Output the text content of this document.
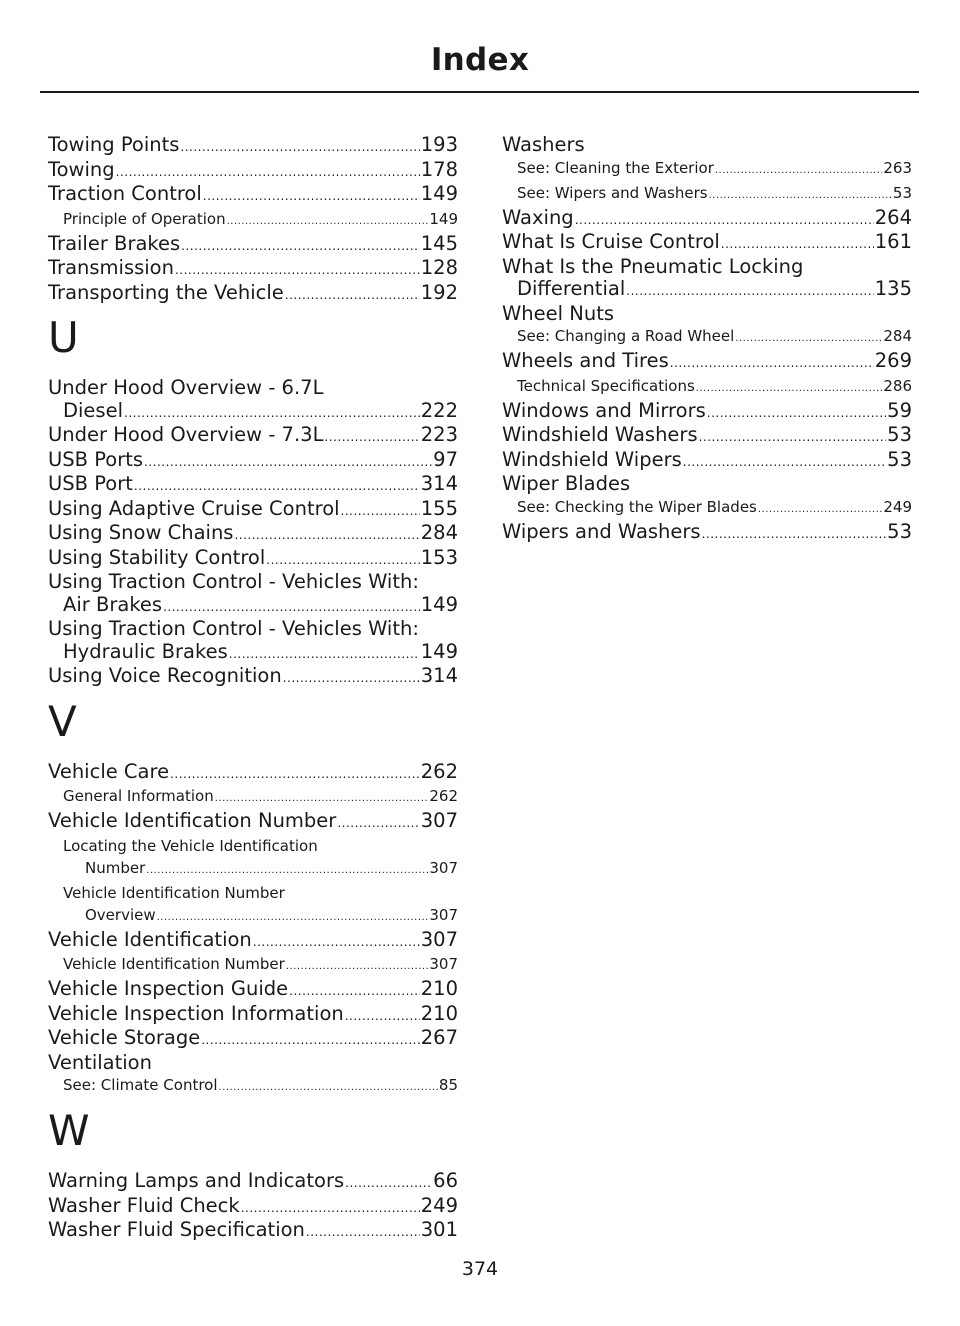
Index
Towing Points .....	193
Towing .....	178
Traction Control .....	149
Principle of Operation .....	149
Trailer Brakes .....	145
Transmission .....	128
Transporting the Vehicle .....	192
U
Under Hood Overview - 6.7L
Diesel .....	222
Under Hood Overview - 7.3L .....	223
USB Ports .....	97
USB Port .....	314
Using Adaptive Cruise Control .....	155
Using Snow Chains .....	284
Using Stability Control .....	153
Using Traction Control - Vehicles With:
Air Brakes .....	149
Using Traction Control - Vehicles With:
Hydraulic Brakes .....	149
Using Voice Recognition .....	314
V
Vehicle Care .....	262
General Information .....	262
Vehicle Identification Number .....	307
Locating the Vehicle Identification
Number .....	307
Vehicle Identification Number
Overview .....	307
Vehicle Identification .....	307
Vehicle Identification Number .....	307
Vehicle Inspection Guide .....	210
Vehicle Inspection Information .....	210
Vehicle Storage .....	267
Ventilation
See: Climate Control .....	85
W
Warning Lamps and Indicators .....	66
Washer Fluid Check .....	249
Washer Fluid Specification .....	301
Washers
See: Cleaning the Exterior .....	263
See: Wipers and Washers .....	53
Waxing .....	264
What Is Cruise Control .....	161
What Is the Pneumatic Locking
Differential .....	135
Wheel Nuts
See: Changing a Road Wheel .....	284
Wheels and Tires .....	269
Technical Specifications .....	286
Windows and Mirrors .....	59
Windshield Washers .....	53
Windshield Wipers .....	53
Wiper Blades
See: Checking the Wiper Blades .....	249
Wipers and Washers .....	53
374
